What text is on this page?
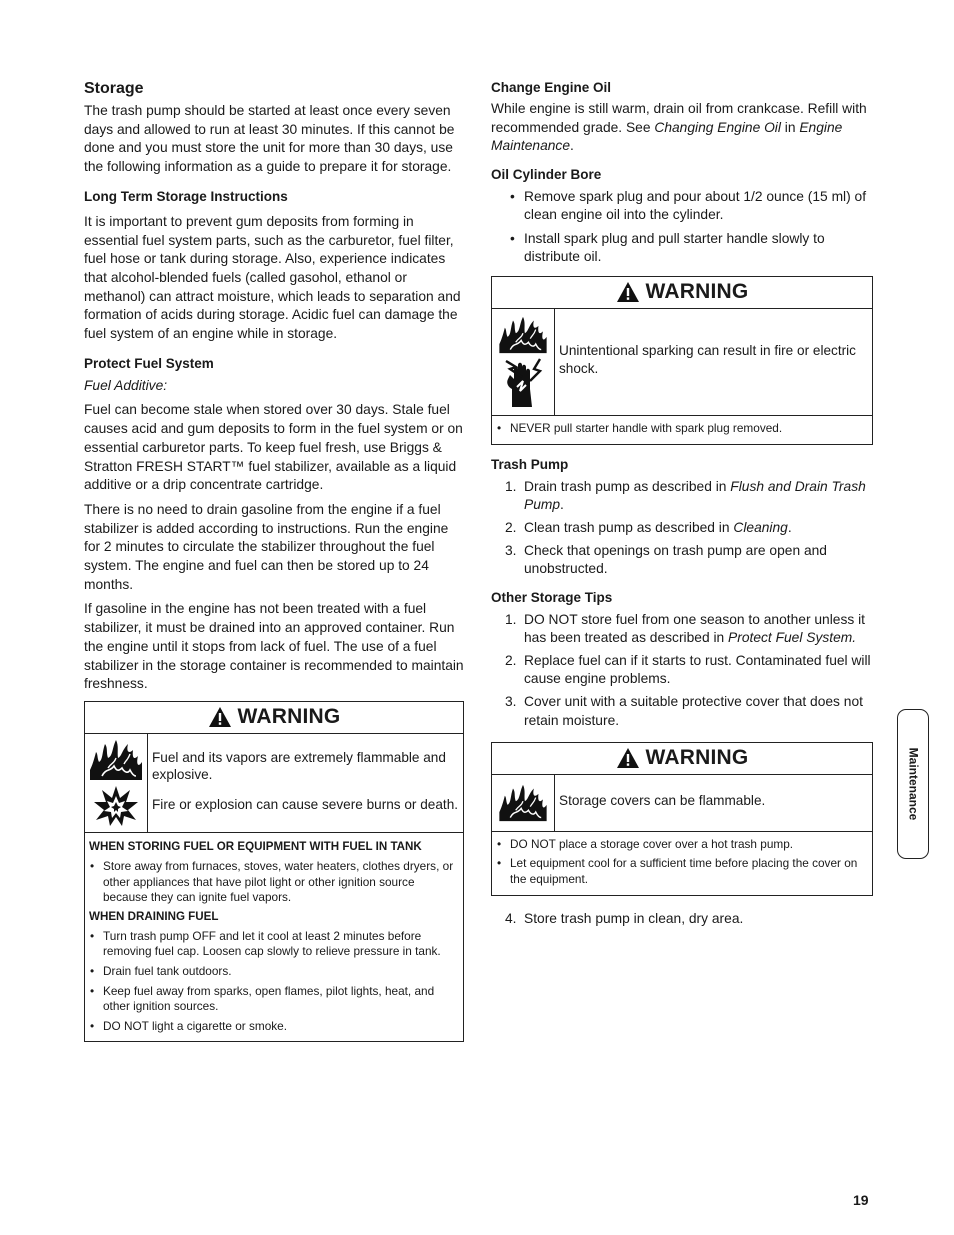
Storage

The trash pump should be started at least once every seven days and allowed to run at least 30 minutes. If this cannot be done and you must store the unit for more than 30 days, use the following information as a guide to prepare it for storage.

Long Term Storage Instructions

It is important to prevent gum deposits from forming in essential fuel system parts, such as the carburetor, fuel filter, fuel hose or tank during storage. Also, experience indicates that alcohol-blended fuels (called gasohol, ethanol or methanol) can attract moisture, which leads to separation and formation of acids during storage. Acidic fuel can damage the fuel system of an engine while in storage.

Protect Fuel System

Fuel Additive:

Fuel can become stale when stored over 30 days. Stale fuel causes acid and gum deposits to form in the fuel system or on essential carburetor parts. To keep fuel fresh, use Briggs & Stratton FRESH START™ fuel stabilizer, available as a liquid additive or a drip concentrate cartridge.

There is no need to drain gasoline from the engine if a fuel stabilizer is added according to instructions. Run the engine for 2 minutes to circulate the stabilizer throughout the fuel system. The engine and fuel can then be stored up to 24 months.

If gasoline in the engine has not been treated with a fuel stabilizer, it must be drained into an approved container. Run the engine until it stops from lack of fuel. The use of a fuel stabilizer in the storage container is recommended to maintain freshness.

WARNING

Fuel and its vapors are extremely flammable and explosive.

Fire or explosion can cause severe burns or death.

WHEN STORING FUEL OR EQUIPMENT WITH FUEL IN TANK
• Store away from furnaces, stoves, water heaters, clothes dryers, or other appliances that have pilot light or other ignition source because they can ignite fuel vapors.
WHEN DRAINING FUEL
• Turn trash pump OFF and let it cool at least 2 minutes before removing fuel cap. Loosen cap slowly to relieve pressure in tank.
• Drain fuel tank outdoors.
• Keep fuel away from sparks, open flames, pilot lights, heat, and other ignition sources.
• DO NOT light a cigarette or smoke.
Change Engine Oil

While engine is still warm, drain oil from crankcase. Refill with recommended grade. See Changing Engine Oil in Engine Maintenance.

Oil Cylinder Bore
• Remove spark plug and pour about 1/2 ounce (15 ml) of clean engine oil into the cylinder.
• Install spark plug and pull starter handle slowly to distribute oil.
WARNING

Unintentional sparking can result in fire or electric shock.

• NEVER pull starter handle with spark plug removed.
Trash Pump
1. Drain trash pump as described in Flush and Drain Trash Pump.
2. Clean trash pump as described in Cleaning.
3. Check that openings on trash pump are open and unobstructed.
Other Storage Tips
1. DO NOT store fuel from one season to another unless it has been treated as described in Protect Fuel System.
2. Replace fuel can if it starts to rust. Contaminated fuel will cause engine problems.
3. Cover unit with a suitable protective cover that does not retain moisture.
WARNING

Storage covers can be flammable.

• DO NOT place a storage cover over a hot trash pump.
• Let equipment cool for a sufficient time before placing the cover on the equipment.
4. Store trash pump in clean, dry area.
Maintenance
19
